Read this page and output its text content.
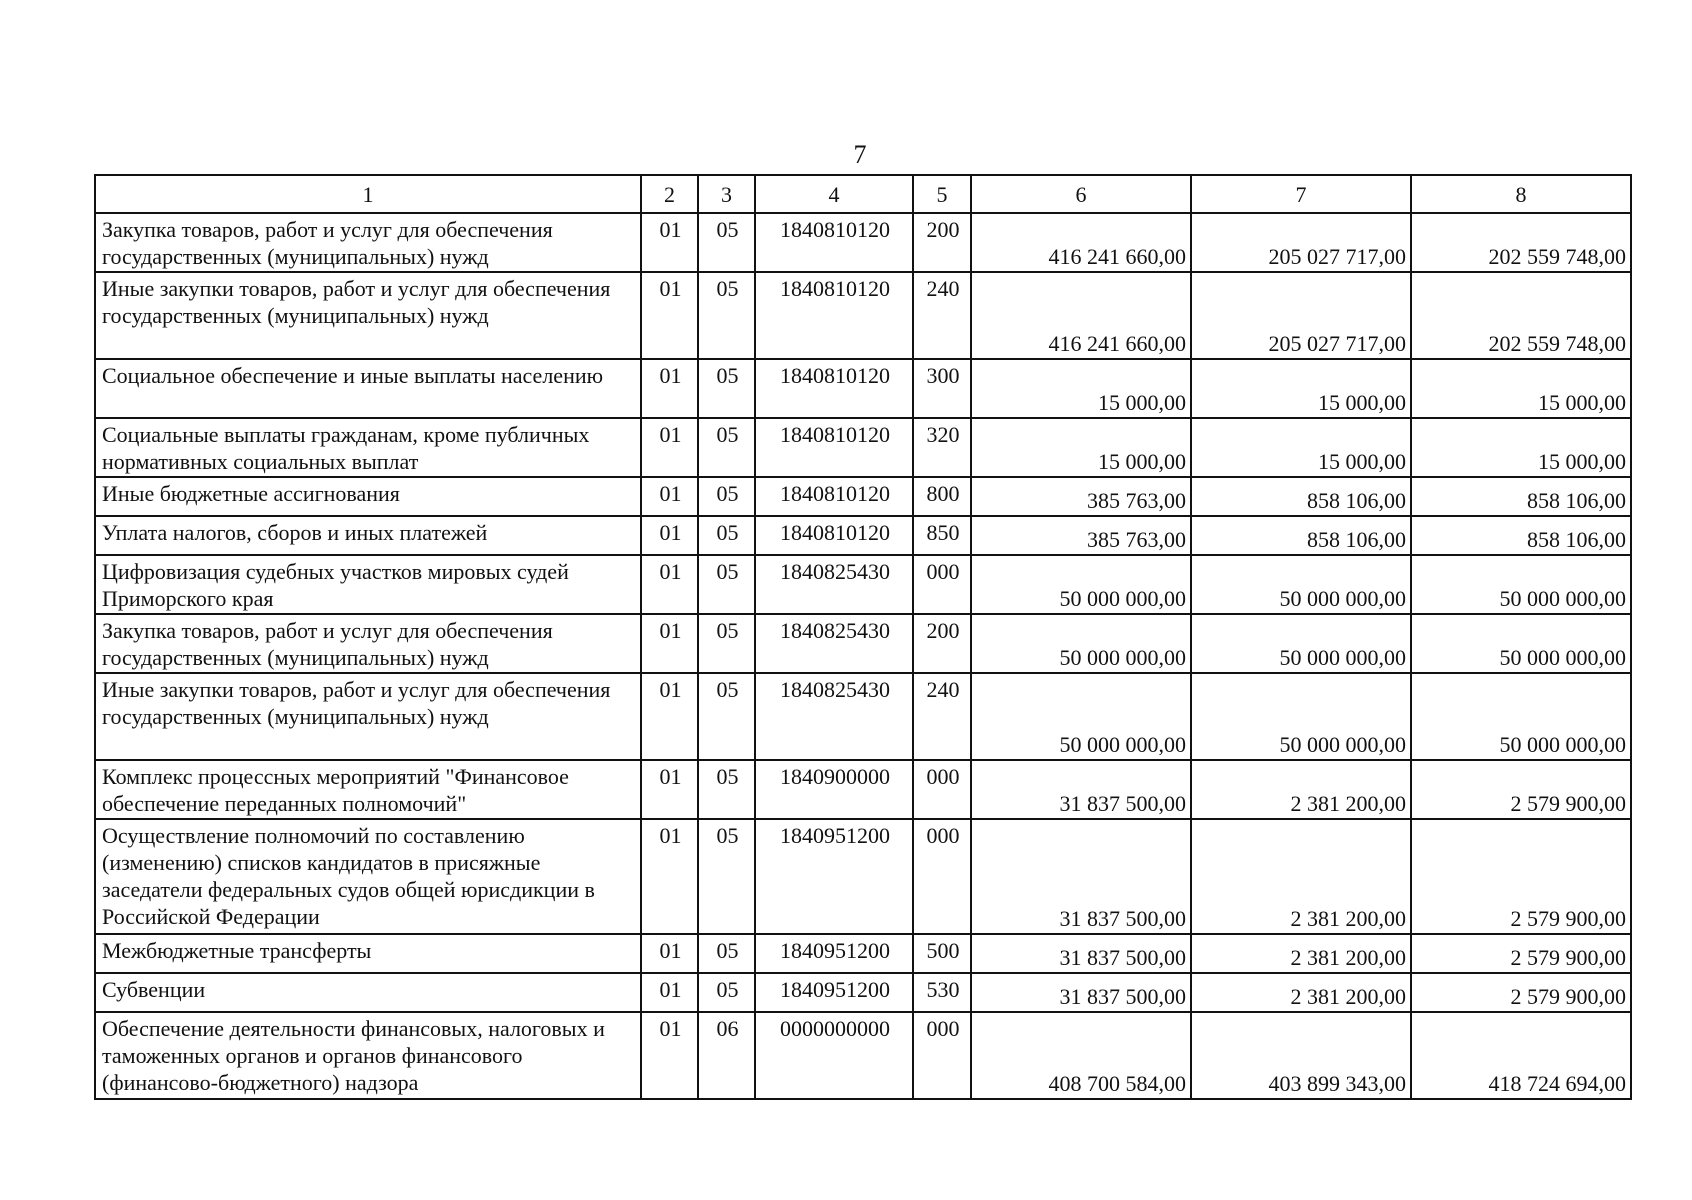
7
1	2	3	4	5	6	7	8
Закупка товаров, работ и услуг для обеспечения государственных (муниципальных) нужд	01	05	1840810120	200	416 241 660,00	205 027 717,00	202 559 748,00
Иные закупки товаров, работ и услуг для обеспечения государственных (муниципальных) нужд	01	05	1840810120	240	416 241 660,00	205 027 717,00	202 559 748,00
Социальное обеспечение и иные выплаты населению	01	05	1840810120	300	15 000,00	15 000,00	15 000,00
Социальные выплаты гражданам, кроме публичных нормативных социальных выплат	01	05	1840810120	320	15 000,00	15 000,00	15 000,00
Иные бюджетные ассигнования	01	05	1840810120	800	385 763,00	858 106,00	858 106,00
Уплата налогов, сборов и иных платежей	01	05	1840810120	850	385 763,00	858 106,00	858 106,00
Цифровизация судебных участков мировых судей Приморского края	01	05	1840825430	000	50 000 000,00	50 000 000,00	50 000 000,00
Закупка товаров, работ и услуг для обеспечения государственных (муниципальных) нужд	01	05	1840825430	200	50 000 000,00	50 000 000,00	50 000 000,00
Иные закупки товаров, работ и услуг для обеспечения государственных (муниципальных) нужд	01	05	1840825430	240	50 000 000,00	50 000 000,00	50 000 000,00
Комплекс процессных мероприятий "Финансовое обеспечение переданных полномочий"	01	05	1840900000	000	31 837 500,00	2 381 200,00	2 579 900,00
Осуществление полномочий по составлению (изменению) списков кандидатов в присяжные заседатели федеральных судов общей юрисдикции в Российской Федерации	01	05	1840951200	000	31 837 500,00	2 381 200,00	2 579 900,00
Межбюджетные трансферты	01	05	1840951200	500	31 837 500,00	2 381 200,00	2 579 900,00
Субвенции	01	05	1840951200	530	31 837 500,00	2 381 200,00	2 579 900,00
Обеспечение деятельности финансовых, налоговых и таможенных органов и органов финансового (финансово-бюджетного) надзора	01	06	0000000000	000	408 700 584,00	403 899 343,00	418 724 694,00
